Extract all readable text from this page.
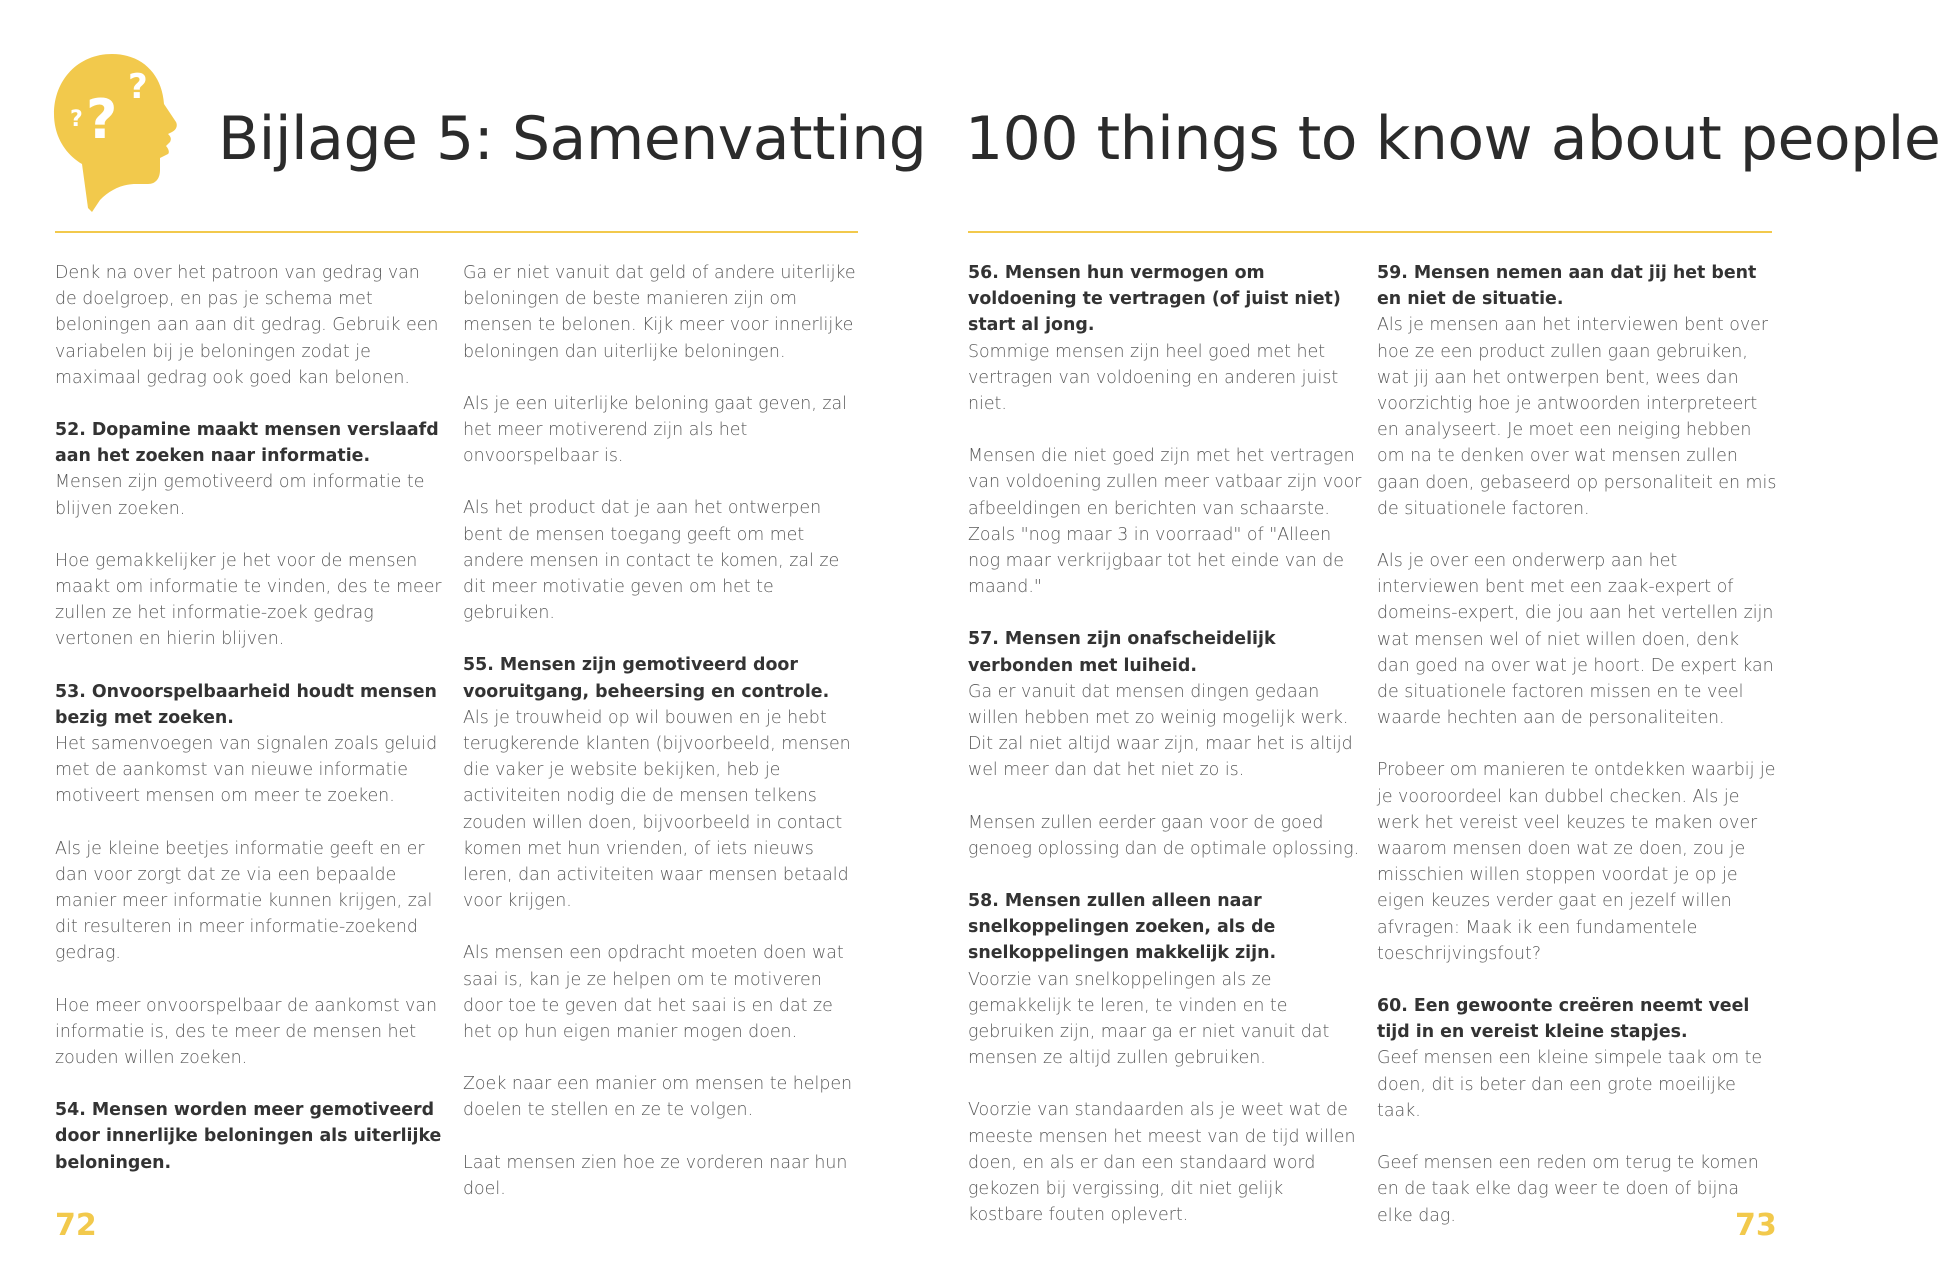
?
?
? Bijlage 5: Samenvatting 100 things to know about people

Denk na over het patroon van gedrag van de doelgroep, en pas je schema met beloningen aan aan dit gedrag. Gebruik een variabelen bij je beloningen zodat je maximaal gedrag ook goed kan belonen.

52. Dopamine maakt mensen verslaafd aan het zoeken naar informatie.
Mensen zijn gemotiveerd om informatie te blijven zoeken.

Hoe gemakkelijker je het voor de mensen maakt om informatie te vinden, des te meer zullen ze het informatie-zoek gedrag vertonen en hierin blijven.

53. Onvoorspelbaarheid houdt mensen bezig met zoeken.
Het samenvoegen van signalen zoals geluid met de aankomst van nieuwe informatie motiveert mensen om meer te zoeken.

Als je kleine beetjes informatie geeft en er dan voor zorgt dat ze via een bepaalde manier meer informatie kunnen krijgen, zal dit resulteren in meer informatie-zoekend gedrag.

Hoe meer onvoorspelbaar de aankomst van informatie is, des te meer de mensen het zouden willen zoeken.

54. Mensen worden meer gemotiveerd door innerlijke beloningen als uiterlijke beloningen.

Ga er niet vanuit dat geld of andere uiterlijke beloningen de beste manieren zijn om mensen te belonen. Kijk meer voor innerlijke beloningen dan uiterlijke beloningen.

Als je een uiterlijke beloning gaat geven, zal het meer motiverend zijn als het onvoorspelbaar is.

Als het product dat je aan het ontwerpen bent de mensen toegang geeft om met andere mensen in contact te komen, zal ze dit meer motivatie geven om het te gebruiken.

55. Mensen zijn gemotiveerd door vooruitgang, beheersing en controle.
Als je trouwheid op wil bouwen en je hebt terugkerende klanten (bijvoorbeeld, mensen die vaker je website bekijken, heb je activiteiten nodig die de mensen telkens zouden willen doen, bijvoorbeeld in contact komen met hun vrienden, of iets nieuws leren, dan activiteiten waar mensen betaald voor krijgen.

Als mensen een opdracht moeten doen wat saai is, kan je ze helpen om te motiveren door toe te geven dat het saai is en dat ze het op hun eigen manier mogen doen.

Zoek naar een manier om mensen te helpen doelen te stellen en ze te volgen.

Laat mensen zien hoe ze vorderen naar hun doel.

56. Mensen hun vermogen om voldoening te vertragen (of juist niet) start al jong.
Sommige mensen zijn heel goed met het vertragen van voldoening en anderen juist niet.

Mensen die niet goed zijn met het vertragen van voldoening zullen meer vatbaar zijn voor afbeeldingen en berichten van schaarste. Zoals "nog maar 3 in voorraad" of "Alleen nog maar verkrijgbaar tot het einde van de maand."

57. Mensen zijn onafscheidelijk verbonden met luiheid.
Ga er vanuit dat mensen dingen gedaan willen hebben met zo weinig mogelijk werk. Dit zal niet altijd waar zijn, maar het is altijd wel meer dan dat het niet zo is.

Mensen zullen eerder gaan voor de goed genoeg oplossing dan de optimale oplossing.

58. Mensen zullen alleen naar snelkoppelingen zoeken, als de snelkoppelingen makkelijk zijn.
Voorzie van snelkoppelingen als ze gemakkelijk te leren, te vinden en te gebruiken zijn, maar ga er niet vanuit dat mensen ze altijd zullen gebruiken.

Voorzie van standaarden als je weet wat de meeste mensen het meest van de tijd willen doen, en als er dan een standaard word gekozen bij vergissing, dit niet gelijk kostbare fouten oplevert.

59. Mensen nemen aan dat jij het bent en niet de situatie.
Als je mensen aan het interviewen bent over hoe ze een product zullen gaan gebruiken, wat jij aan het ontwerpen bent, wees dan voorzichtig hoe je antwoorden interpreteert en analyseert. Je moet een neiging hebben om na te denken over wat mensen zullen gaan doen, gebaseerd op personaliteit en mis de situationele factoren.

Als je over een onderwerp aan het interviewen bent met een zaak-expert of domeins-expert, die jou aan het vertellen zijn wat mensen wel of niet willen doen, denk dan goed na over wat je hoort. De expert kan de situationele factoren missen en te veel waarde hechten aan de personaliteiten.

Probeer om manieren te ontdekken waarbij je je vooroordeel kan dubbel checken. Als je werk het vereist veel keuzes te maken over waarom mensen doen wat ze doen, zou je misschien willen stoppen voordat je op je eigen keuzes verder gaat en jezelf willen afvragen: Maak ik een fundamentele toeschrijvingsfout?

60. Een gewoonte creëren neemt veel tijd in en vereist kleine stapjes.
Geef mensen een kleine simpele taak om te doen, dit is beter dan een grote moeilijke taak.

Geef mensen een reden om terug te komen en de taak elke dag weer te doen of bijna elke dag.

72	73
